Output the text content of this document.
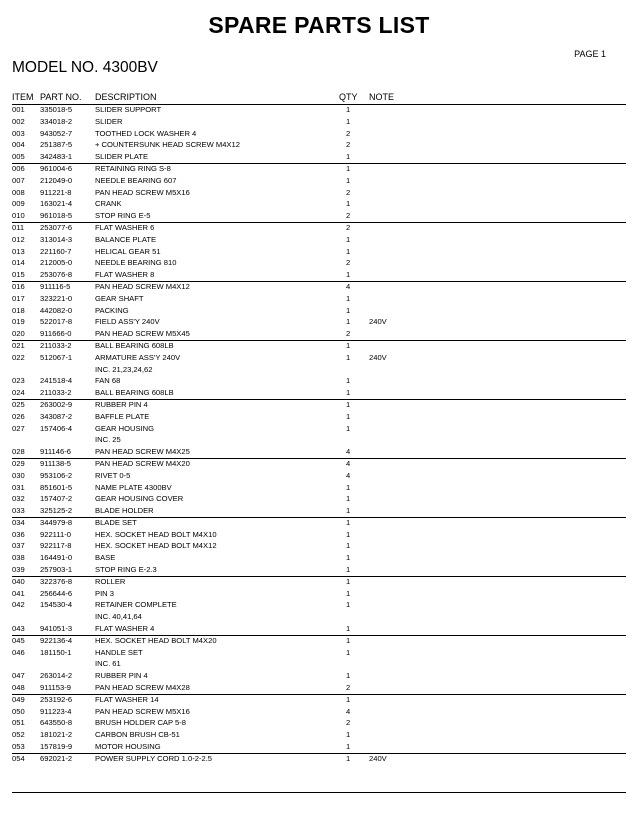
SPARE PARTS LIST
PAGE 1
MODEL NO. 4300BV
ITEM PART NO. DESCRIPTION	QTY NOTE
001 335018-5	SLIDER SUPPORT	1
002 334018-2	SLIDER	1
003 943052-7	TOOTHED LOCK WASHER 4	2
004 251387-5	+ COUNTERSUNK HEAD SCREW M4X12	2
005 342483-1	SLIDER PLATE	1
006 961004-6	RETAINING RING S-8	1
007 212049-0	NEEDLE BEARING 607	1
008 911221-8	PAN HEAD SCREW M5X16	2
009 163021-4	CRANK	1
010 961018-5	STOP RING E-5	2
011 253077-6	FLAT WASHER 6	2
012 313014-3	BALANCE PLATE	1
013 221160-7	HELICAL GEAR 51	1
014 212005-0	NEEDLE BEARING 810	2
015 253076-8	FLAT WASHER 8	1
016 911116-5	PAN HEAD SCREW M4X12	4
017 323221-0	GEAR SHAFT	1
018 442082-0	PACKING	1
019 522017-8	FIELD ASS'Y 240V	1 240V
020 911666-0	PAN HEAD SCREW M5X45	2
021 211033-2	BALL BEARING 608LB	1
022 512067-1	ARMATURE ASS'Y 240V	1 240V
INC. 21,23,24,62
023 241518-4	FAN 68	1
024 211033-2	BALL BEARING 608LB	1
025 263002-9	RUBBER PIN 4	1
026 343087-2	BAFFLE PLATE	1
027 157406-4	GEAR HOUSING	1
INC. 25
028 911146-6	PAN HEAD SCREW M4X25	4
029 911138-5	PAN HEAD SCREW M4X20	4
030 953106-2	RIVET 0-5	4
031 851601-5	NAME PLATE 4300BV	1
032 157407-2	GEAR HOUSING COVER	1
033 325125-2	BLADE HOLDER	1
034 344979-8	BLADE SET	1
036 922111-0	HEX. SOCKET HEAD BOLT M4X10	1
037 922117-8	HEX. SOCKET HEAD BOLT M4X12	1
038 164491-0	BASE	1
039 257903-1	STOP RING E-2.3	1
040 322376-8	ROLLER	1
041 256644-6	PIN 3	1
042 154530-4	RETAINER COMPLETE	1
INC. 40,41,64
043 941051-3	FLAT WASHER 4	1
045 922136-4	HEX. SOCKET HEAD BOLT M4X20	1
046 181150-1	HANDLE SET	1
INC. 61
047 263014-2	RUBBER PIN 4	1
048 911153-9	PAN HEAD SCREW M4X28	2
049 253192-6	FLAT WASHER 14	1
050 911223-4	PAN HEAD SCREW M5X16	4
051 643550-8	BRUSH HOLDER CAP 5-8	2
052 181021-2	CARBON BRUSH CB-51	1
053 157819-9	MOTOR HOUSING	1
054 692021-2	POWER SUPPLY CORD 1.0-2-2.5	1 240V
